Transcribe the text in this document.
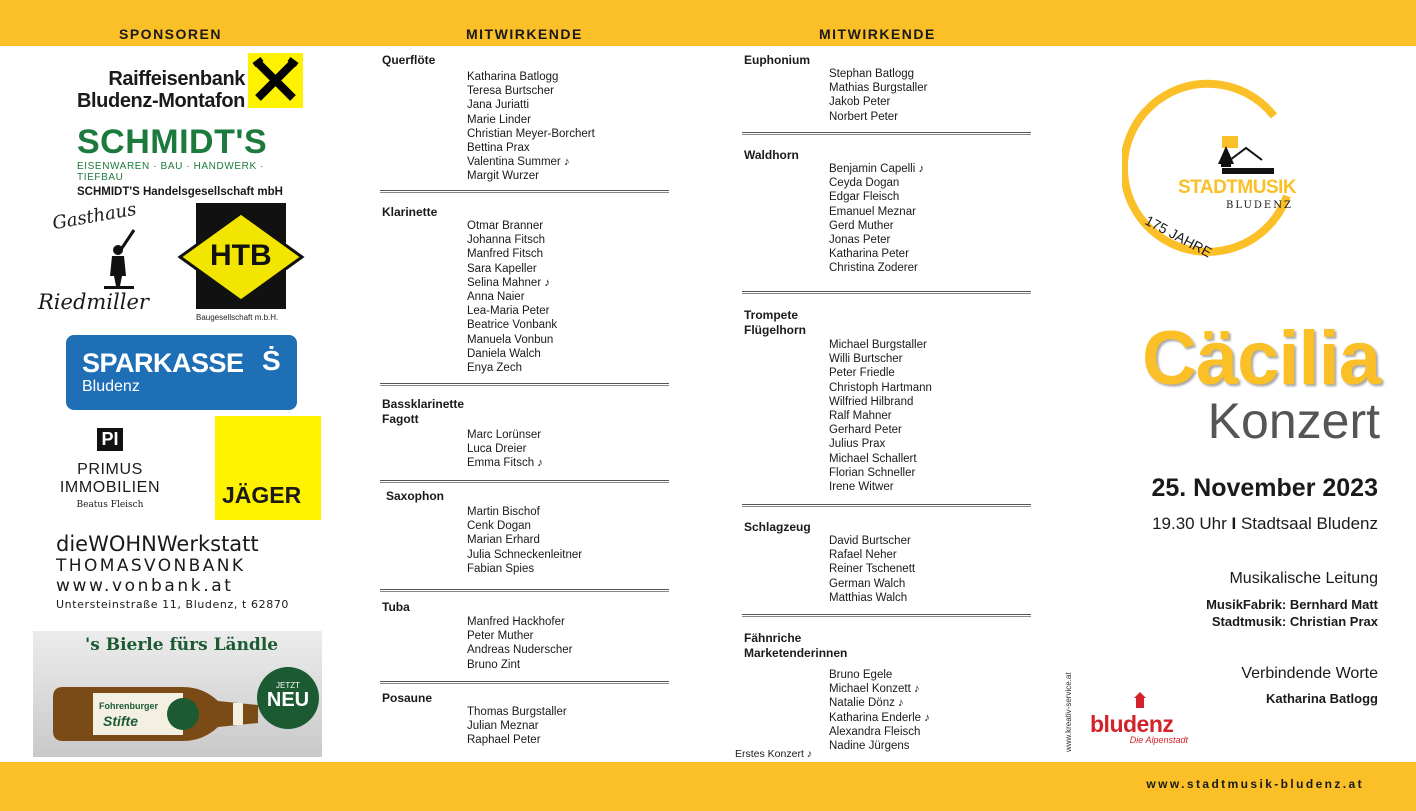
SPONSOREN	MITWIRKENDE	MITWIRKENDE
Raiffeisenbank
Bludenz-Montafon
SCHMIDT'S
EISENWAREN · BAU · HANDWERK · TIEFBAU
SCHMIDT'S Handelsgesellschaft mbH
Gasthaus
Riedmiller
HTB
Baugesellschaft m.b.H.
SPARKASSE Ṡ
Bludenz
PI
PRIMUS IMMOBILIEN
Beatus Fleisch	JÄGER
dieWOHNWerkstatt
THOMASVONBANK
www.vonbank.at
Untersteinstraße 11, Bludenz, t 62870
's Bierle fürs Ländle
Fohrenburger
Stifte
JETZT
NEU
Querflöte
Katharina Batlogg
Teresa Burtscher
Jana Juriatti
Marie Linder
Christian Meyer-Borchert
Bettina Prax
Valentina Summer ♪
Margit Wurzer
Klarinette
Otmar Branner
Johanna Fitsch
Manfred Fitsch
Sara Kapeller
Selina Mahner ♪
Anna Naier
Lea-Maria Peter
Beatrice Vonbank
Manuela Vonbun
Daniela Walch
Enya Zech
Bassklarinette
Fagott
Marc Lorünser
Luca Dreier
Emma Fitsch ♪
Saxophon
Martin Bischof
Cenk Dogan
Marian Erhard
Julia Schneckenleitner
Fabian Spies
Tuba
Manfred Hackhofer
Peter Muther
Andreas Nuderscher
Bruno Zint
Posaune
Thomas Burgstaller
Julian Meznar
Raphael Peter
Euphonium
Stephan Batlogg
Mathias Burgstaller
Jakob Peter
Norbert Peter
Waldhorn
Benjamin Capelli ♪
Ceyda Dogan
Edgar Fleisch
Emanuel Meznar
Gerd Muther
Jonas Peter
Katharina Peter
Christina Zoderer
Trompete
Flügelhorn
Michael Burgstaller
Willi Burtscher
Peter Friedle
Christoph Hartmann
Wilfried Hilbrand
Ralf Mahner
Gerhard Peter
Julius Prax
Michael Schallert
Florian Schneller
Irene Witwer
Schlagzeug
David Burtscher
Rafael Neher
Reiner Tschenett
German Walch
Matthias Walch
Fähnriche
Marketenderinnen
Bruno Egele
Michael Konzett ♪
Natalie Dönz ♪
Katharina Enderle ♪
Alexandra Fleisch
Nadine Jürgens
Erstes Konzert ♪
STADTMUSIK
BLUDENZ
175 JAHRE
Cäcilia
Konzert
25. November 2023
19.30 Uhr I Stadtsaal Bludenz
Musikalische Leitung
MusikFabrik: Bernhard Matt
Stadtmusik: Christian Prax
Verbindende Worte
Katharina Batlogg
www.kreativ-service.at bludenz
Die Alpenstadt
www.stadtmusik-bludenz.at
